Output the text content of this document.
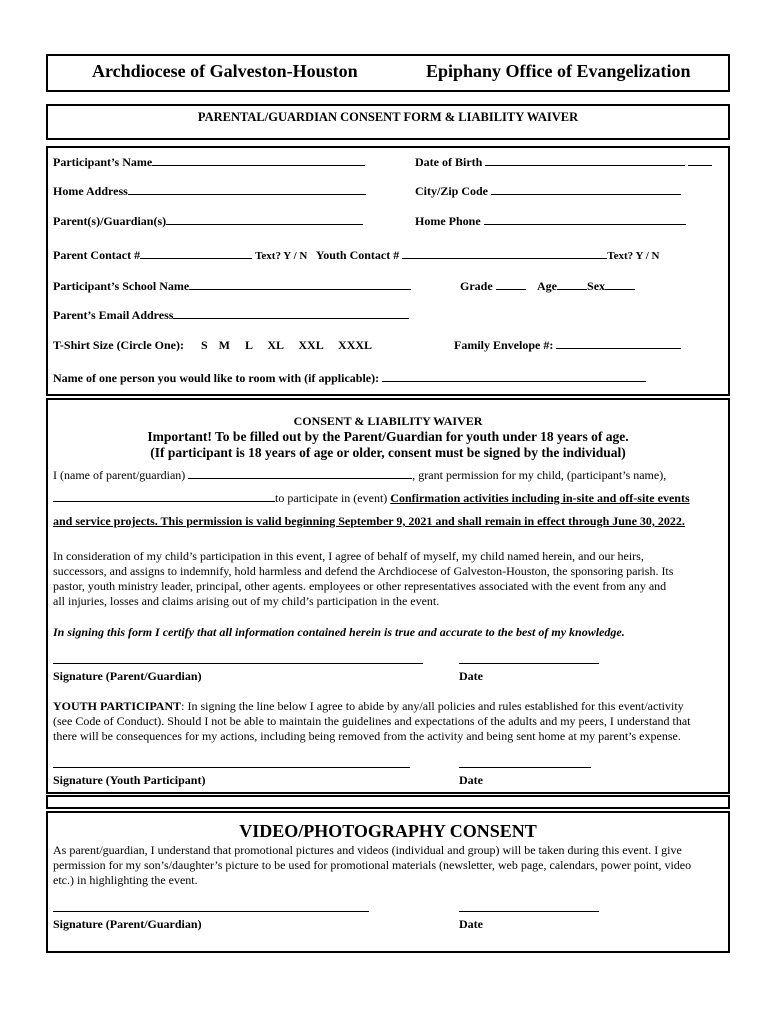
Archdiocese of Galveston-Houston	Epiphany Office of Evangelization
PARENTAL/GUARDIAN CONSENT FORM & LIABILITY WAIVER
Participant’s Name	Date of Birth
Home Address	City/Zip Code
Parent(s)/Guardian(s)	Home Phone
Parent Contact #	Text? Y / N Youth Contact #	Text? Y / N
Participant’s School Name	Grade	Age	Sex
Parent’s Email Address
T-Shirt Size (Circle One): S M L XL XXL XXXL	Family Envelope #:
Name of one person you would like to room with (if applicable):
CONSENT & LIABILITY WAIVER
Important! To be filled out by the Parent/Guardian for youth under 18 years of age.
(If participant is 18 years of age or older, consent must be signed by the individual)
I (name of parent/guardian)	, grant permission for my child, (participant’s name),
to participate in (event) Confirmation activities including in-site and off-site events
and service projects. This permission is valid beginning September 9, 2021 and shall remain in effect through June 30, 2022.
In consideration of my child’s participation in this event, I agree of behalf of myself, my child named herein, and our heirs,
successors, and assigns to indemnify, hold harmless and defend the Archdiocese of Galveston-Houston, the sponsoring parish. Its
pastor, youth ministry leader, principal, other agents. employees or other representatives associated with the event from any and
all injuries, losses and claims arising out of my child’s participation in the event.
In signing this form I certify that all information contained herein is true and accurate to the best of my knowledge.
Signature (Parent/Guardian)	Date
YOUTH PARTICIPANT: In signing the line below I agree to abide by any/all policies and rules established for this event/activity
(see Code of Conduct). Should I not be able to maintain the guidelines and expectations of the adults and my peers, I understand that
there will be consequences for my actions, including being removed from the activity and being sent home at my parent’s expense.
Signature (Youth Participant)	Date
VIDEO/PHOTOGRAPHY CONSENT
As parent/guardian, I understand that promotional pictures and videos (individual and group) will be taken during this event. I give
permission for my son’s/daughter’s picture to be used for promotional materials (newsletter, web page, calendars, power point, video
etc.) in highlighting the event.
Signature (Parent/Guardian)	Date
